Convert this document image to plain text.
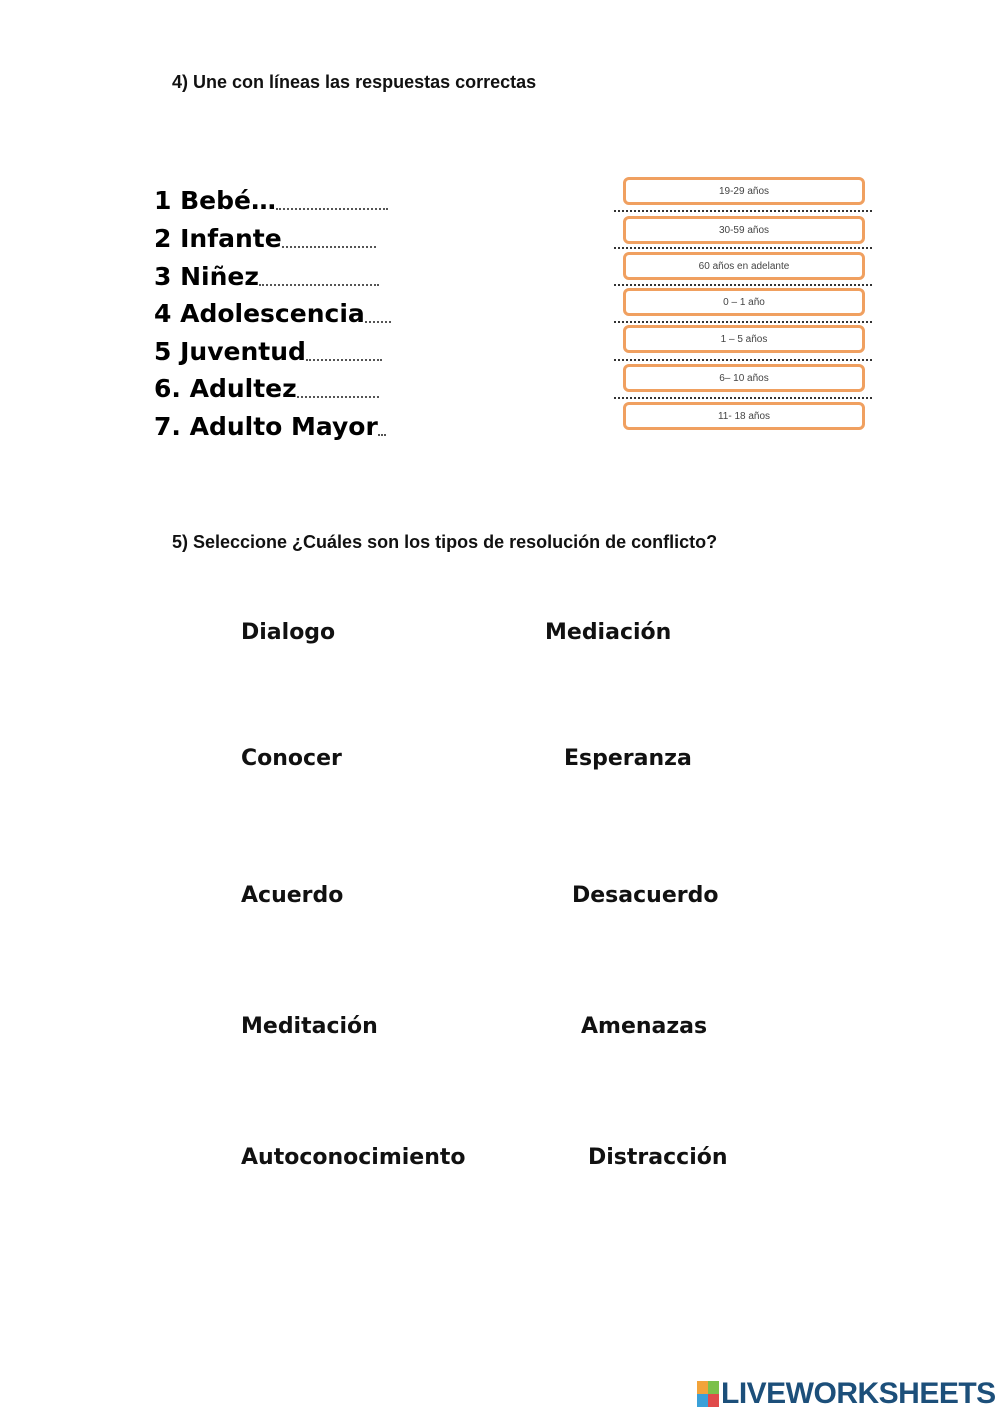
4) Une con líneas las respuestas correctas
1 Bebé…
2 Infante
3 Niñez
4 Adolescencia
5 Juventud
6. Adultez
7. Adulto Mayor
19-29 años
30-59 años
60 años en adelante
0 – 1 año
1 – 5 años
6– 10 años
11- 18 años
5) Seleccione ¿Cuáles son los tipos de resolución de conflicto?
Dialogo	Mediación
Conocer	Esperanza
Acuerdo	Desacuerdo
Meditación	Amenazas
Autoconocimiento	Distracción
LIVEWORKSHEETS
